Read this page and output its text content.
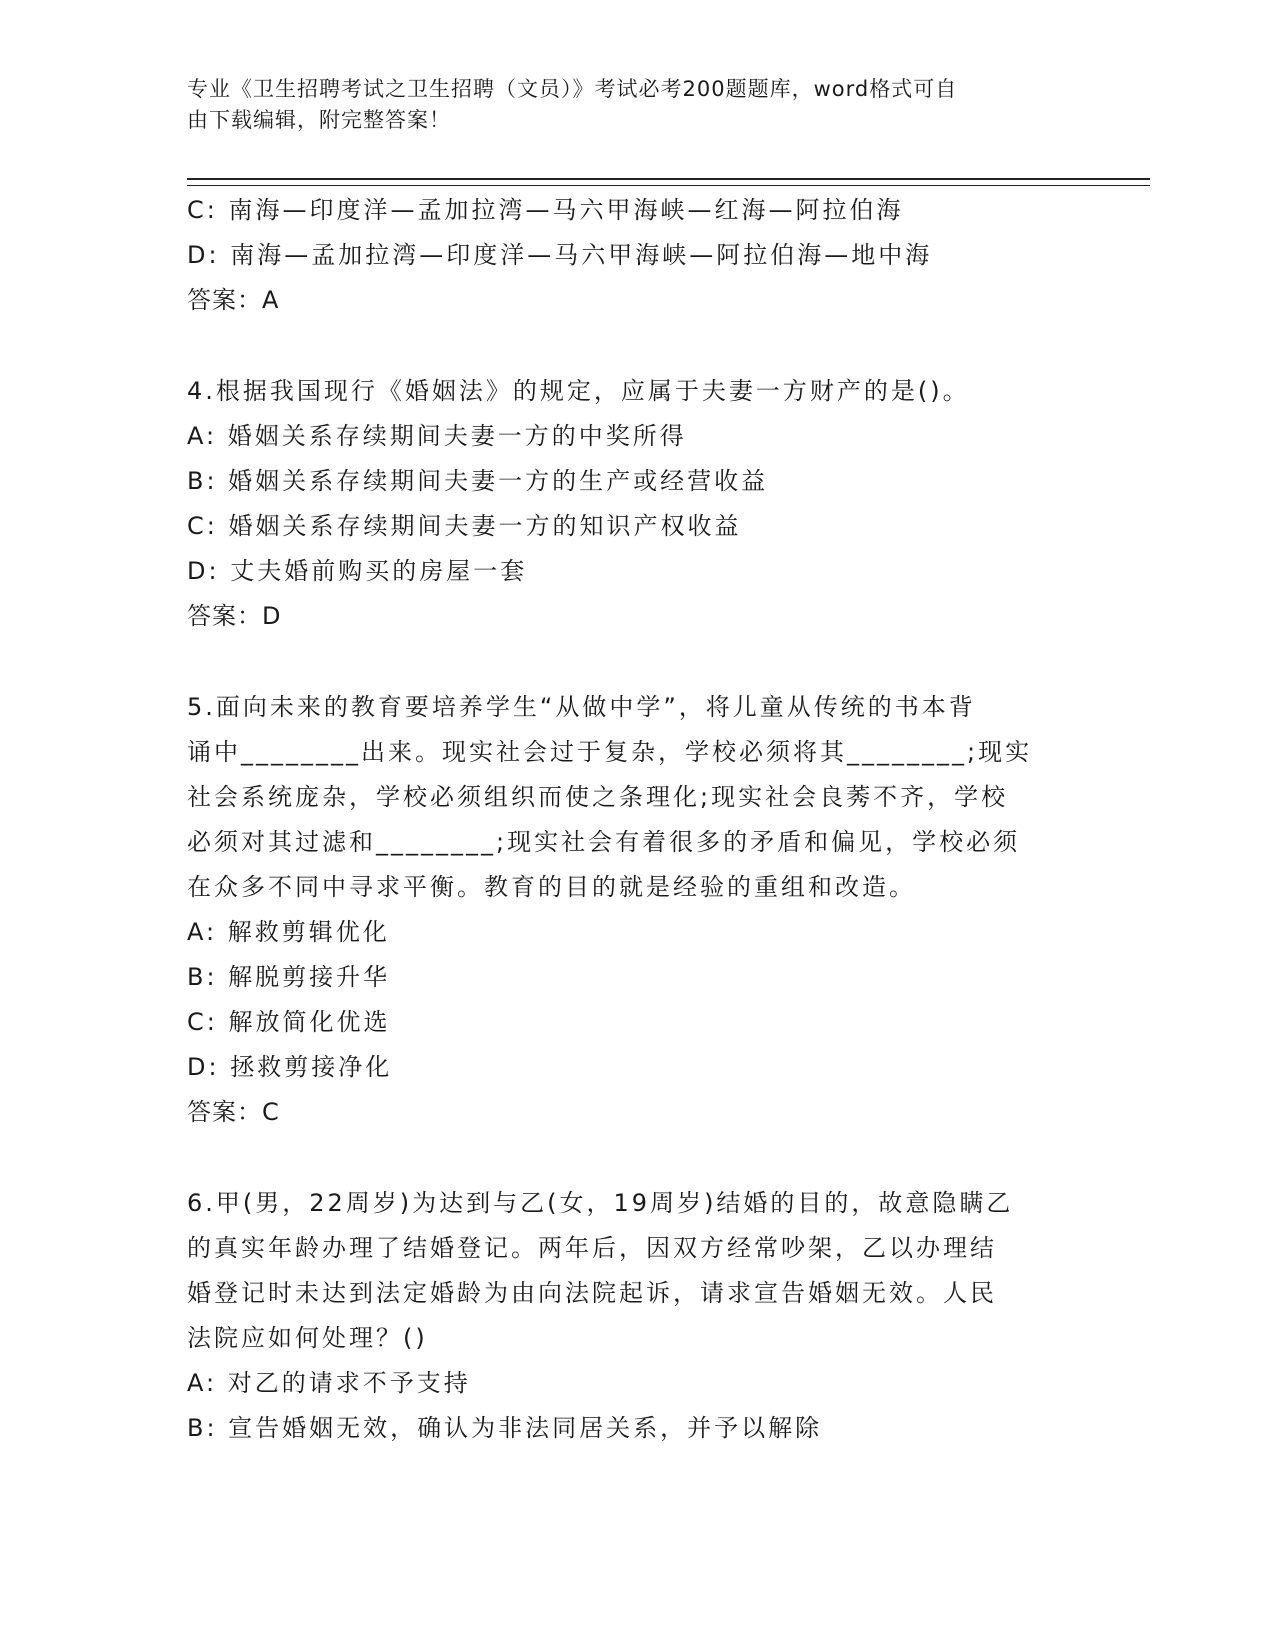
专业《卫生招聘考试之卫生招聘（文员）》考试必考200题题库，word格式可自
由下载编辑，附完整答案！
C: 南海—印度洋—孟加拉湾—马六甲海峡—红海—阿拉伯海
D: 南海—孟加拉湾—印度洋—马六甲海峡—阿拉伯海—地中海
答案：A
4.根据我国现行《婚姻法》的规定，应属于夫妻一方财产的是()。
A: 婚姻关系存续期间夫妻一方的中奖所得
B: 婚姻关系存续期间夫妻一方的生产或经营收益
C: 婚姻关系存续期间夫妻一方的知识产权收益
D: 丈夫婚前购买的房屋一套
答案：D
5.面向未来的教育要培养学生“从做中学”，将儿童从传统的书本背
诵中________出来。现实社会过于复杂，学校必须将其________;现实
社会系统庞杂，学校必须组织而使之条理化;现实社会良莠不齐，学校
必须对其过滤和________;现实社会有着很多的矛盾和偏见，学校必须
在众多不同中寻求平衡。教育的目的就是经验的重组和改造。
A: 解救剪辑优化
B: 解脱剪接升华
C: 解放简化优选
D: 拯救剪接净化
答案：C
6.甲(男，22周岁)为达到与乙(女，19周岁)结婚的目的，故意隐瞒乙
的真实年龄办理了结婚登记。两年后，因双方经常吵架，乙以办理结
婚登记时未达到法定婚龄为由向法院起诉，请求宣告婚姻无效。人民
法院应如何处理？()
A: 对乙的请求不予支持
B: 宣告婚姻无效，确认为非法同居关系，并予以解除
